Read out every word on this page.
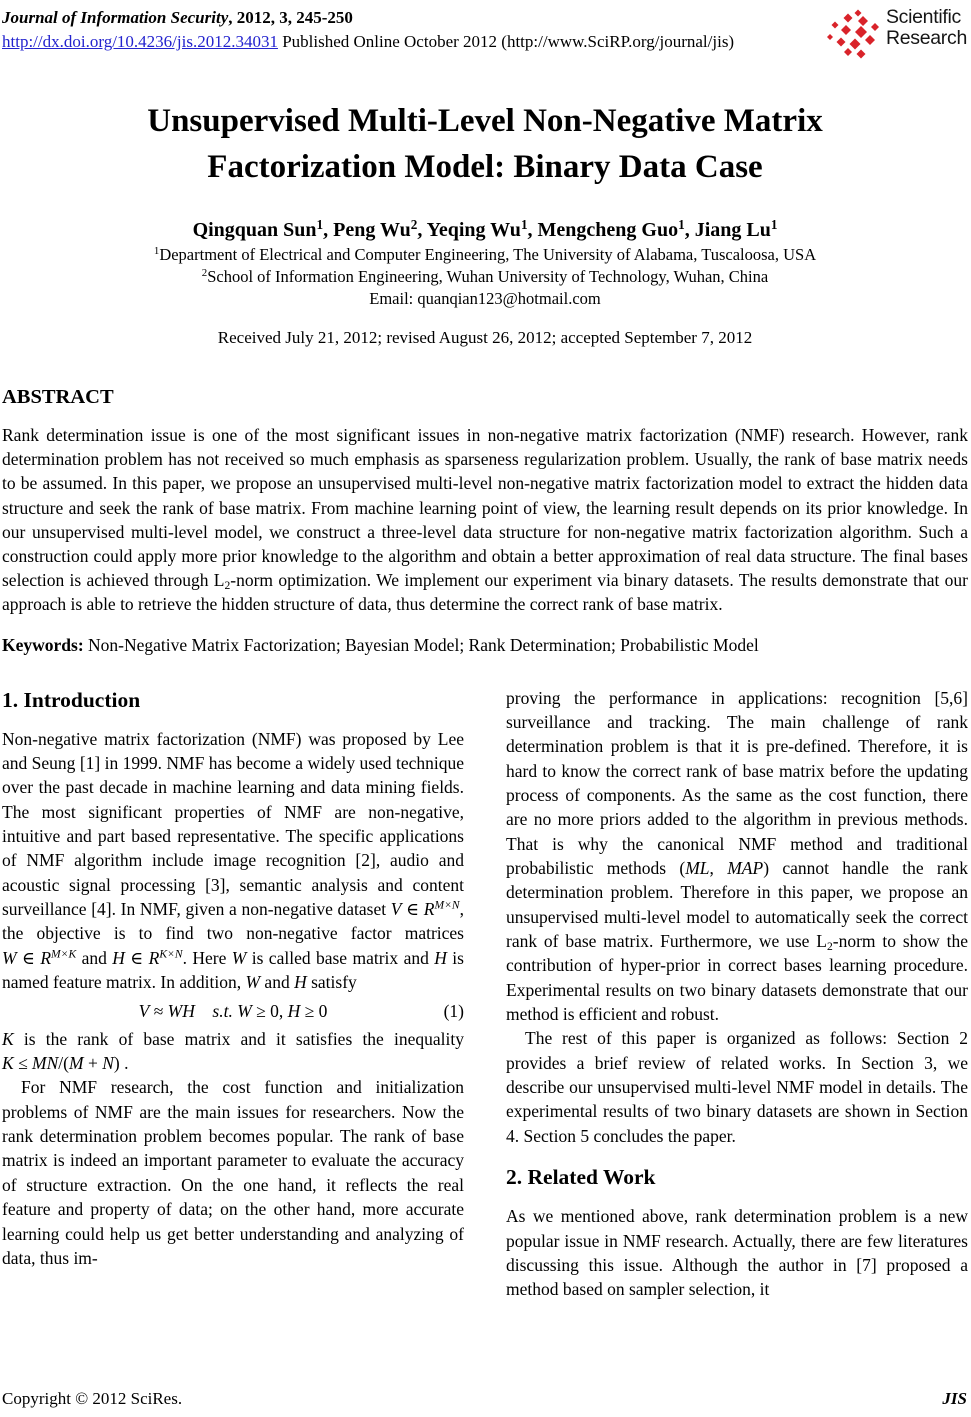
Journal of Information Security, 2012, 3, 245-250
http://dx.doi.org/10.4236/jis.2012.34031 Published Online October 2012 (http://www.SciRP.org/journal/jis)
Scientific
Research
Unsupervised Multi-Level Non-Negative Matrix
Factorization Model: Binary Data Case
Qingquan Sun$^1$, Peng Wu$^2$, Yeqing Wu$^1$, Mengcheng Guo$^1$, Jiang Lu$^1$
$^1$Department of Electrical and Computer Engineering, The University of Alabama, Tuscaloosa, USA
$^2$School of Information Engineering, Wuhan University of Technology, Wuhan, China
Email: quanqian123@hotmail.com
Received July 21, 2012; revised August 26, 2012; accepted September 7, 2012
ABSTRACT
Rank determination issue is one of the most significant issues in non-negative matrix factorization (NMF) research. However, rank determination problem has not received so much emphasis as sparseness regularization problem. Usually, the rank of base matrix needs to be assumed. In this paper, we propose an unsupervised multi-level non-negative matrix factorization model to extract the hidden data structure and seek the rank of base matrix. From machine learning point of view, the learning result depends on its prior knowledge. In our unsupervised multi-level model, we construct a three-level data structure for non-negative matrix factorization algorithm. Such a construction could apply more prior knowledge to the algorithm and obtain a better approximation of real data structure. The final bases selection is achieved through $L_2$-norm optimization. We implement our experiment via binary datasets. The results demonstrate that our approach is able to retrieve the hidden structure of data, thus determine the correct rank of base matrix.
Keywords: Non-Negative Matrix Factorization; Bayesian Model; Rank Determination; Probabilistic Model
1. Introduction

Non-negative matrix factorization (NMF) was proposed by Lee and Seung [1] in 1999. NMF has become a widely used technique over the past decade in machine learning and data mining fields. The most significant properties of NMF are non-negative, intuitive and part based representative. The specific applications of NMF algorithm include image recognition [2], audio and acoustic signal processing [3], semantic analysis and content surveillance [4]. In NMF, given a non-negative dataset V ∈ $R^{M\times N}$, the objective is to find two non-negative factor matrices W ∈ $R^{M\times K}$ and H ∈ $R^{K\times N}$. Here W is called base matrix and H is named feature matrix. In addition, W and H satisfy

V ≈ WH s.t. W ≥ 0, H ≥ 0	(1)

K is the rank of base matrix and it satisfies the inequality K ≤ MN/(M + N) .

For NMF research, the cost function and initialization problems of NMF are the main issues for researchers. Now the rank determination problem becomes popular. The rank of base matrix is indeed an important parameter to evaluate the accuracy of structure extraction. On the one hand, it reflects the real feature and property of data; on the other hand, more accurate learning could help us get better understanding and analyzing of data, thus im-

proving the performance in applications: recognition [5,6] surveillance and tracking. The main challenge of rank determination problem is that it is pre-defined. Therefore, it is hard to know the correct rank of base matrix before the updating process of components. As the same as the cost function, there are no more priors added to the algorithm in previous methods. That is why the canonical NMF method and traditional probabilistic methods (ML, MAP) cannot handle the rank determination problem. Therefore in this paper, we propose an unsupervised multi-level model to automatically seek the correct rank of base matrix. Furthermore, we use $L_2$-norm to show the contribution of hyper-prior in correct bases learning procedure. Experimental results on two binary datasets demonstrate that our method is efficient and robust.

The rest of this paper is organized as follows: Section 2 provides a brief review of related works. In Section 3, we describe our unsupervised multi-level NMF model in details. The experimental results of two binary datasets are shown in Section 4. Section 5 concludes the paper.

2. Related Work

As we mentioned above, rank determination problem is a new popular issue in NMF research. Actually, there are few literatures discussing this issue. Although the author in [7] proposed a method based on sampler selection, it

Copyright © 2012 SciRes.	JIS
